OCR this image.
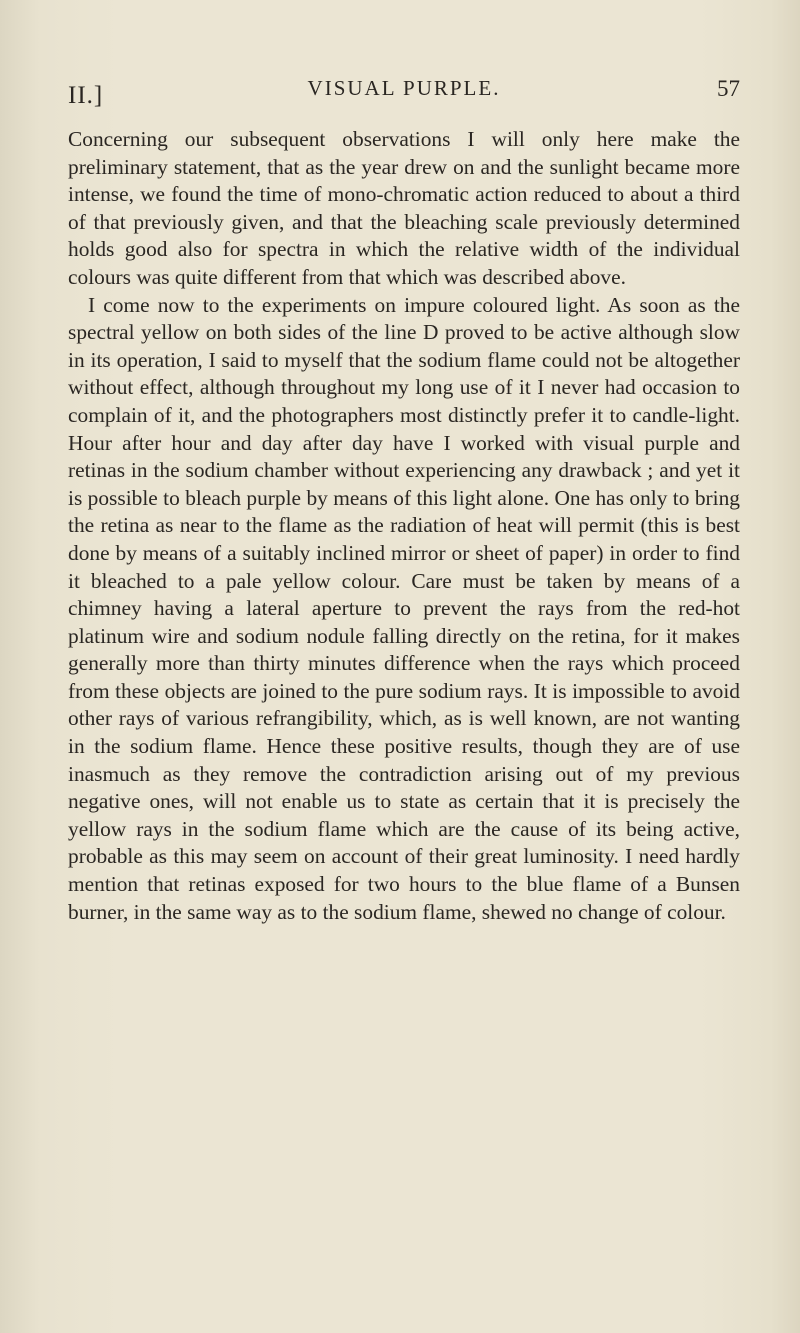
II.]	VISUAL PURPLE.	57

Concerning our subsequent observations I will only here make the preliminary statement, that as the year drew on and the sunlight became more intense, we found the time of mono-chromatic action reduced to about a third of that previously given, and that the bleaching scale previously determined holds good also for spectra in which the relative width of the individual colours was quite different from that which was described above.

I come now to the experiments on impure coloured light. As soon as the spectral yellow on both sides of the line D proved to be active although slow in its operation, I said to myself that the sodium flame could not be altogether without effect, although throughout my long use of it I never had occasion to complain of it, and the photographers most distinctly prefer it to candle-light. Hour after hour and day after day have I worked with visual purple and retinas in the sodium chamber without experiencing any drawback ; and yet it is possible to bleach purple by means of this light alone. One has only to bring the retina as near to the flame as the radiation of heat will permit (this is best done by means of a suitably inclined mirror or sheet of paper) in order to find it bleached to a pale yellow colour. Care must be taken by means of a chimney having a lateral aperture to prevent the rays from the red-hot platinum wire and sodium nodule falling directly on the retina, for it makes generally more than thirty minutes difference when the rays which proceed from these objects are joined to the pure sodium rays. It is impossible to avoid other rays of various refrangibility, which, as is well known, are not wanting in the sodium flame. Hence these positive results, though they are of use inasmuch as they remove the contradiction arising out of my previous negative ones, will not enable us to state as certain that it is precisely the yellow rays in the sodium flame which are the cause of its being active, probable as this may seem on account of their great luminosity. I need hardly mention that retinas exposed for two hours to the blue flame of a Bunsen burner, in the same way as to the sodium flame, shewed no change of colour.
